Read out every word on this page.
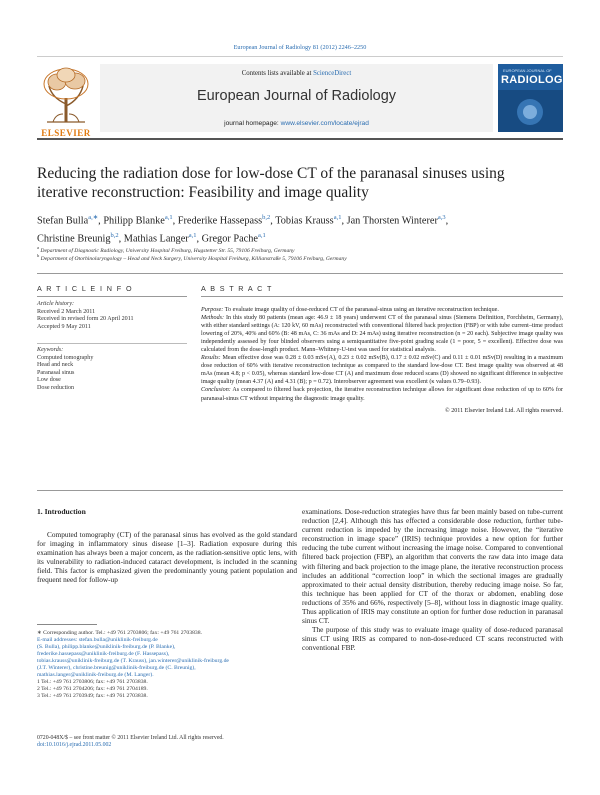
European Journal of Radiology 81 (2012) 2246–2250
ELSEVIER
Contents lists available at ScienceDirect
European Journal of Radiology
journal homepage: www.elsevier.com/locate/ejrad
EUROPEAN JOURNAL OF
RADIOLOGY
Reducing the radiation dose for low-dose CT of the paranasal sinuses using
iterative reconstruction: Feasibility and image quality
Stefan Bulla$^{a,∗}$, Philipp Blanke$^{a,1}$, Frederike Hassepass$^{b,2}$, Tobias Krauss$^{a,1}$, Jan Thorsten Winterer$^{a,3}$,
Christine Breunig$^{b,2}$, Mathias Langer$^{a,1}$, Gregor Pache$^{a,1}$
$^a$ Department of Diagnostic Radiology, University Hospital Freiburg, Hugstetter Str. 55, 79106 Freiburg, Germany
$^b$ Department of Otorhinolaryngology – Head and Neck Surgery, University Hospital Freiburg, Killianstraße 5, 79106 Freiburg, Germany
A R T I C L E I N F O
Article history:
Received 2 March 2011
Received in revised form 20 April 2011
Accepted 9 May 2011
Keywords:
Computed tomography
Head and neck
Paranasal sinus
Low dose
Dose reduction
A B S T R A C T

Purpose: To evaluate image quality of dose-reduced CT of the paranasal-sinus using an iterative reconstruction technique.

Methods: In this study 80 patients (mean age: 46.9 ± 18 years) underwent CT of the paranasal sinus (Siemens Definition, Forchheim, Germany), with either standard settings (A: 120 kV, 60 mAs) reconstructed with conventional filtered back projection (FBP) or with tube current–time product lowering of 20%, 40% and 60% (B: 48 mAs, C: 36 mAs and D: 24 mAs) using iterative reconstruction (n = 20 each). Subjective image quality was independently assessed by four blinded observers using a semiquantitative five-point grading scale (1 = poor, 5 = excellent). Effective dose was calculated from the dose-length product. Mann–Whitney-U-test was used for statistical analysis.

Results: Mean effective dose was 0.28 ± 0.03 mSv(A), 0.23 ± 0.02 mSv(B), 0.17 ± 0.02 mSv(C) and 0.11 ± 0.01 mSv(D) resulting in a maximum dose reduction of 60% with iterative reconstruction technique as compared to the standard low-dose CT. Best image quality was observed at 48 mAs (mean 4.8; p < 0.05), whereas standard low-dose CT (A) and maximum dose reduced scans (D) showed no significant difference in subjective image quality (mean 4.37 (A) and 4.31 (B); p = 0.72). Interobserver agreement was excellent (κ values 0.79–0.93).

Conclusion: As compared to filtered back projection, the iterative reconstruction technique allows for significant dose reduction of up to 60% for paranasal-sinus CT without impairing the diagnostic image quality.

© 2011 Elsevier Ireland Ltd. All rights reserved.

1. Introduction

Computed tomography (CT) of the paranasal sinus has evolved as the gold standard for imaging in inflammatory sinus disease [1–3]. Radiation exposure during this examination has always been a major concern, as the radiation-sensitive optic lens, with its vulnerability to radiation-induced cataract development, is included in the scanning field. This factor is emphasized given the predominantly young patient population and frequent need for follow-up

examinations. Dose-reduction strategies have thus far been mainly based on tube-current reduction [2,4]. Although this has effected a considerable dose reduction, further tube-current reduction is impeded by the increasing image noise. However, the “iterative reconstruction in image space” (IRIS) technique provides a new option for further reducing the tube current without increasing the image noise. Compared to conventional filtered back projection (FBP), an algorithm that converts the raw data into image data with filtering and back projection to the image plane, the iterative reconstruction process includes an additional “correction loop” in which the sectional images are gradually approximated to their actual density distribution, thereby reducing image noise. So far, this technique has been applied for CT of the thorax or abdomen, enabling dose reductions of 35% and 66%, respectively [5–8], without loss in diagnostic image quality. Thus application of IRIS may constitute an option for further dose reduction in paranasal sinus CT.

The purpose of this study was to evaluate image quality of dose-reduced paranasal sinus CT using IRIS as compared to non-dose-reduced CT scans reconstructed with conventional FBP.

∗ Corresponding author. Tel.: +49 761 2703806; fax: +49 761 2703838.
E-mail addresses: stefan.bulla@uniklinik-freiburg.de
(S. Bulla), philipp.blanke@uniklinik-freiburg.de (P. Blanke),
frederike.hassepass@uniklinik-freiburg.de (F. Hassepass),
tobias.krauss@uniklinik-freiburg.de (T. Krauss), jan.winterer@uniklinik-freiburg.de
(J.T. Winterer), christine.breunig@uniklinik-freiburg.de (C. Breunig),
mathias.langer@uniklinik-freiburg.de (M. Langer).
1 Tel.: +49 761 2703806; fax: +49 761 2703838.
2 Tel.: +49 761 2704206; fax: +49 761 2704189.
3 Tel.: +49 761 2703949; fax: +49 761 2703838.
0720-048X/$ – see front matter © 2011 Elsevier Ireland Ltd. All rights reserved.
doi:10.1016/j.ejrad.2011.05.002
